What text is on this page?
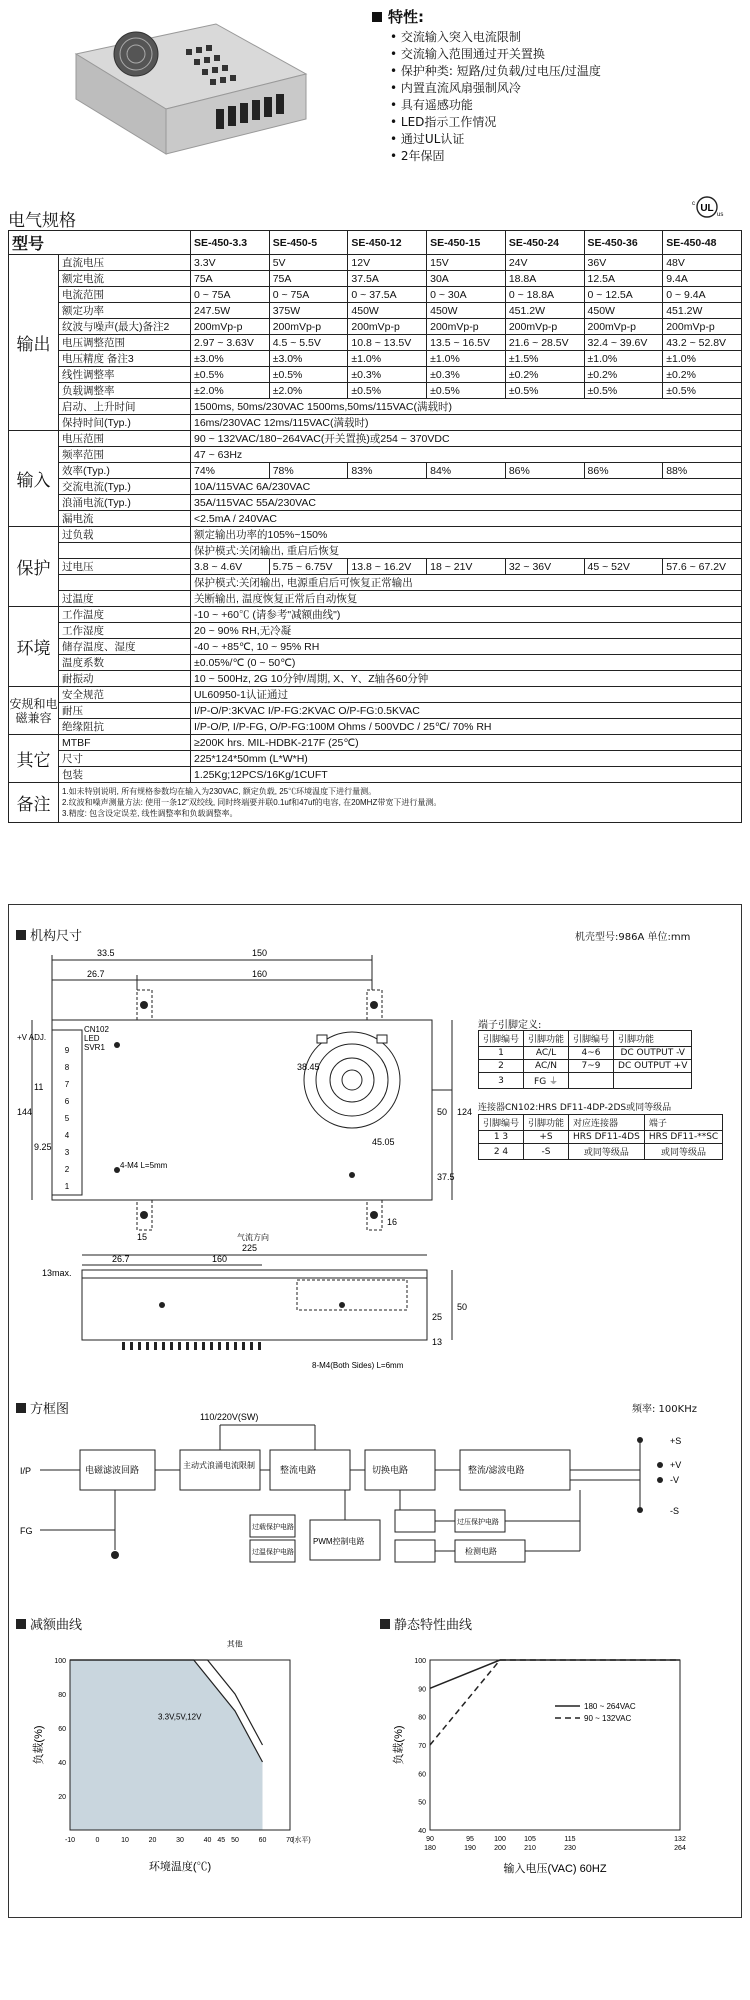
特性:
• 交流输入突入电流限制
• 交流输入范围通过开关置换
• 保护种类: 短路/过负载/过电压/过温度
• 内置直流风扇强制风冷
• 具有遥感功能
• LED指示工作情况
• 通过UL认证
• 2年保固
电气规格
UL
c
us
型号		SE-450-3.3	SE-450-5	SE-450-12	SE-450-15	SE-450-24	SE-450-36	SE-450-48
输出	直流电压	3.3V	5V	12V	15V	24V	36V	48V
	额定电流	75A	75A	37.5A	30A	18.8A	12.5A	9.4A
	电流范围	0 ~ 75A	0 ~ 75A	0 ~ 37.5A	0 ~ 30A	0 ~ 18.8A	0 ~ 12.5A	0 ~ 9.4A
	额定功率	247.5W	375W	450W	450W	451.2W	450W	451.2W
	纹波与噪声(最大)备注2	200mVp-p	200mVp-p	200mVp-p	200mVp-p	200mVp-p	200mVp-p	200mVp-p
	电压调整范围	2.97 ~ 3.63V	4.5 ~ 5.5V	10.8 ~ 13.5V	13.5 ~ 16.5V	21.6 ~ 28.5V	32.4 ~ 39.6V	43.2 ~ 52.8V
	电压精度 备注3	±3.0%	±3.0%	±1.0%	±1.0%	±1.5%	±1.0%	±1.0%
	线性调整率	±0.5%	±0.5%	±0.3%	±0.3%	±0.2%	±0.2%	±0.2%
	负载调整率	±2.0%	±2.0%	±0.5%	±0.5%	±0.5%	±0.5%	±0.5%
	启动、上升时间	1500ms, 50ms/230VAC 1500ms,50ms/115VAC(满载时)						
	保持时间(Typ.)	16ms/230VAC 12ms/115VAC(满载时)						
输入	电压范围	90 ~ 132VAC/180~264VAC(开关置换)或254 ~ 370VDC						
	频率范围	47 ~ 63Hz						
	效率(Typ.)	74%	78%	83%	84%	86%	86%	88%
	交流电流(Typ.)	10A/115VAC 6A/230VAC						
	浪涌电流(Typ.)	35A/115VAC 55A/230VAC						
	漏电流	<2.5mA / 240VAC						
保护	过负载	额定输出功率的105%~150%						
		保护模式:关闭输出, 重启后恢复						
	过电压	3.8 ~ 4.6V	5.75 ~ 6.75V	13.8 ~ 16.2V	18 ~ 21V	32 ~ 36V	45 ~ 52V	57.6 ~ 67.2V
		保护模式:关闭输出, 电源重启后可恢复正常输出						
	过温度	关断输出, 温度恢复正常后自动恢复						
环境	工作温度	-10 ~ +60℃ (请参考"减额曲线")						
	工作湿度	20 ~ 90% RH,无冷凝						
	储存温度、湿度	-40 ~ +85℃, 10 ~ 95% RH						
	温度系数	±0.05%/℃ (0 ~ 50℃)						
	耐振动	10 ~ 500Hz, 2G 10分钟/周期, X、Y、Z轴各60分钟						
安规和电磁兼容	安全规范	UL60950-1认证通过						
	耐压	I/P-O/P:3KVAC I/P-FG:2KVAC O/P-FG:0.5KVAC						
	绝缘阻抗	I/P-O/P, I/P-FG, O/P-FG:100M Ohms / 500VDC / 25℃/ 70% RH						
其它	MTBF	≥200K hrs. MIL-HDBK-217F (25℃)						
	尺寸	225*124*50mm (L*W*H)						
	包装	1.25Kg;12PCS/16Kg/1CUFT						
备注	1.如未特别说明, 所有规格参数均在输入为230VAC, 额定负载, 25℃环境温度下进行量测。
2.纹波和噪声测量方法: 使用一条12"双绞线, 同时终端要并联0.1uf和47uf的电容, 在20MHZ带宽下进行量测。
3.精度: 包含设定误差, 线性调整率和负载调整率。							
机构尺寸	机壳型号:986A 单位:mm
33.5	150
26.7	160
38.45
45.05
50 124
144
37.5
11
9.25
15
16
225
26.7	160
13max.
25
50
13
CN102
LED
SVR1
+V ADJ.
4-M4 L=5mm
气流方向
8-M4(Both Sides) L=6mm
9
8
7
6
5
4
3
2
1
端子引脚定义:
引脚编号	引脚功能	引脚编号	引脚功能
1	AC/L	4~6	DC OUTPUT -V
2	AC/N	7~9	DC OUTPUT +V
3	FG ⏚		
连接器CN102:HRS DF11-4DP-2DS或同等级品
引脚编号	引脚功能	对应连接器	端子
1 3	+S	HRS DF11-4DS	HRS DF11-**SC
2 4	-S	或同等级品	或同等级品
方框图	频率: 100KHz
110/220V(SW)
I/P
FG
电磁滤波回路	主动式浪涌电流限制	整流电路	切换电路	整流/滤波电路
过载保护电路
过温保护电路
PWM控制电路
过压保护电路
检测电路
+S
+V
-V
-S
减额曲线
-10	0	10	20	30	40 45 50	60	70
100
80
60
40
20
(水平)
环境温度(℃)
负载(%)
其他
3.3V,5V,12V
静态特性曲线
90
180
95
190
100
200
105
210
115
230
132
264
100
90
80
70
60
50
40
输入电压(VAC) 60HZ
负载(%)
180 ~ 264VAC
90 ~ 132VAC
